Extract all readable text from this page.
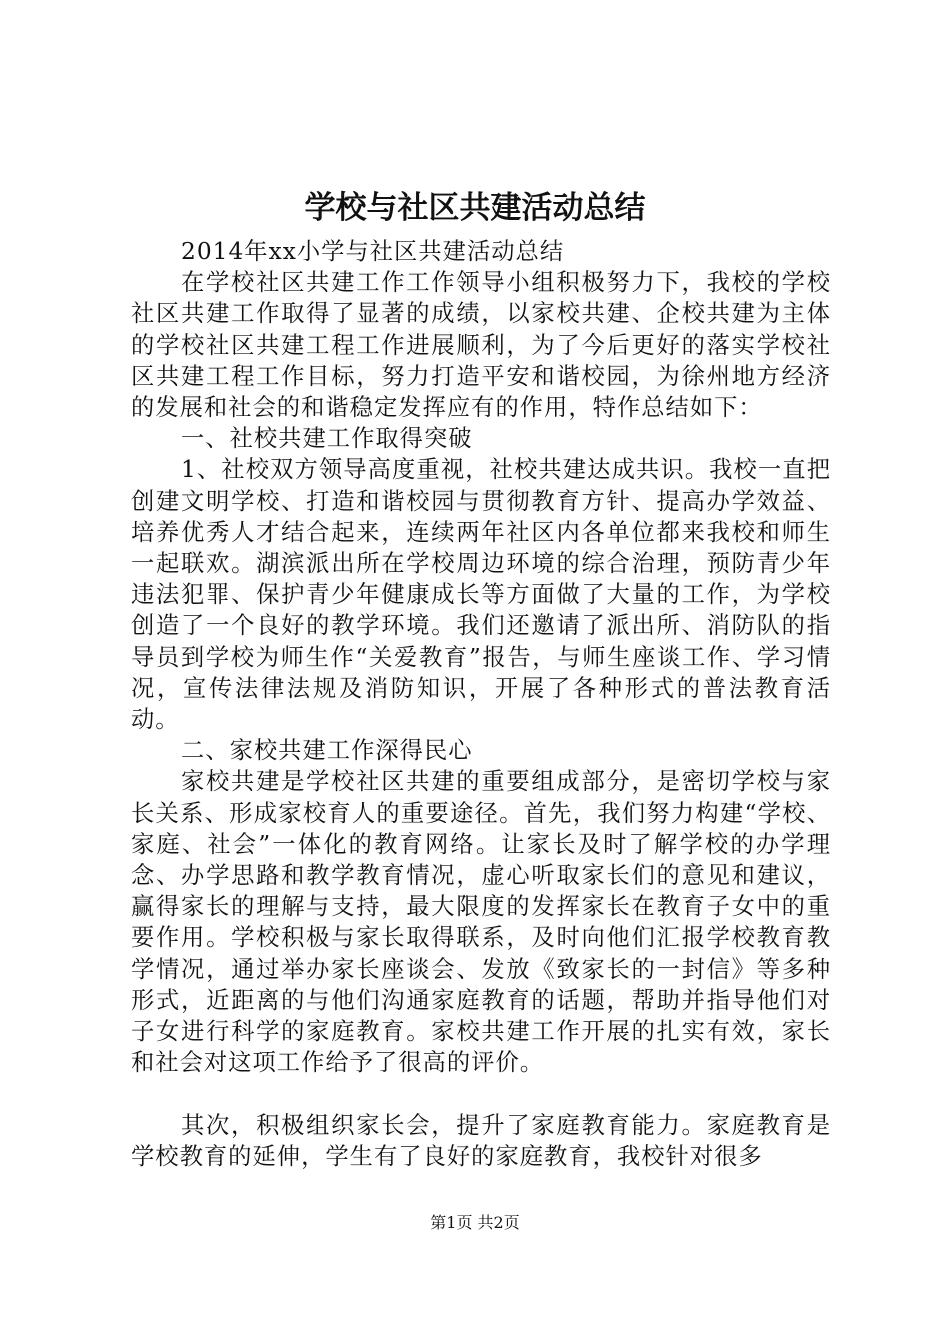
学校与社区共建活动总结

2014年xx小学与社区共建活动总结

在学校社区共建工作工作领导小组积极努力下，我校的学校社区共建工作取得了显著的成绩，以家校共建、企校共建为主体的学校社区共建工程工作进展顺利，为了今后更好的落实学校社区共建工程工作目标，努力打造平安和谐校园，为徐州地方经济的发展和社会的和谐稳定发挥应有的作用，特作总结如下：

一、社校共建工作取得突破

1、社校双方领导高度重视，社校共建达成共识。我校一直把创建文明学校、打造和谐校园与贯彻教育方针、提高办学效益、培养优秀人才结合起来，连续两年社区内各单位都来我校和师生一起联欢。湖滨派出所在学校周边环境的综合治理，预防青少年违法犯罪、保护青少年健康成长等方面做了大量的工作，为学校创造了一个良好的教学环境。我们还邀请了派出所、消防队的指导员到学校为师生作“关爱教育”报告，与师生座谈工作、学习情况，宣传法律法规及消防知识，开展了各种形式的普法教育活动。

二、家校共建工作深得民心

家校共建是学校社区共建的重要组成部分，是密切学校与家长关系、形成家校育人的重要途径。首先，我们努力构建“学校、家庭、社会”一体化的教育网络。让家长及时了解学校的办学理念、办学思路和教学教育情况，虚心听取家长们的意见和建议，赢得家长的理解与支持，最大限度的发挥家长在教育子女中的重要作用。学校积极与家长取得联系，及时向他们汇报学校教育教学情况，通过举办家长座谈会、发放《致家长的一封信》等多种形式，近距离的与他们沟通家庭教育的话题，帮助并指导他们对子女进行科学的家庭教育。家校共建工作开展的扎实有效，家长和社会对这项工作给予了很高的评价。

其次，积极组织家长会，提升了家庭教育能力。家庭教育是学校教育的延伸，学生有了良好的家庭教育，我校针对很多

第1页 共2页
